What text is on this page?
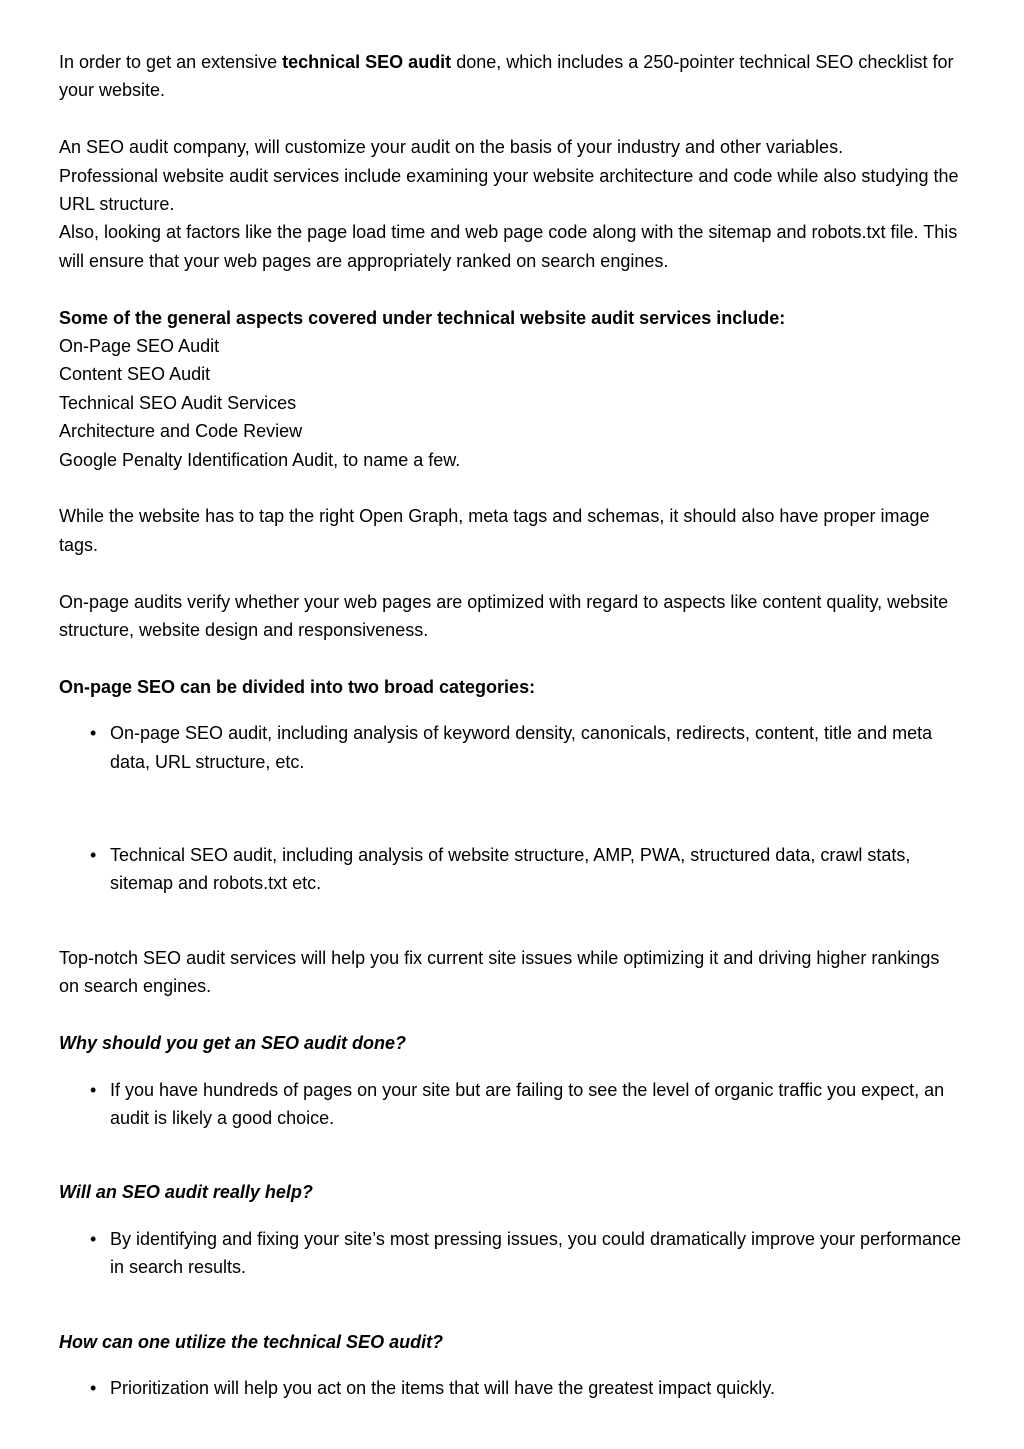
In order to get an extensive technical SEO audit done, which includes a 250-pointer technical SEO checklist for your website.

An SEO audit company, will customize your audit on the basis of your industry and other variables.

Professional website audit services include examining your website architecture and code while also studying the URL structure.

Also, looking at factors like the page load time and web page code along with the sitemap and robots.txt file. This will ensure that your web pages are appropriately ranked on search engines.

Some of the general aspects covered under technical website audit services include:

On-Page SEO Audit

Content SEO Audit

Technical SEO Audit Services

Architecture and Code Review

Google Penalty Identification Audit, to name a few.

While the website has to tap the right Open Graph, meta tags and schemas, it should also have proper image tags.

On-page audits verify whether your web pages are optimized with regard to aspects like content quality, website structure, website design and responsiveness.

On-page SEO can be divided into two broad categories:

• On-page SEO audit, including analysis of keyword density, canonicals, redirects, content, title and meta data, URL structure, etc.
• Technical SEO audit, including analysis of website structure, AMP, PWA, structured data, crawl stats, sitemap and robots.txt etc.

Top-notch SEO audit services will help you fix current site issues while optimizing it and driving higher rankings on search engines.

Why should you get an SEO audit done?

• If you have hundreds of pages on your site but are failing to see the level of organic traffic you expect, an audit is likely a good choice.

Will an SEO audit really help?

• By identifying and fixing your site’s most pressing issues, you could dramatically improve your performance in search results.

How can one utilize the technical SEO audit?

• Prioritization will help you act on the items that will have the greatest impact quickly.
